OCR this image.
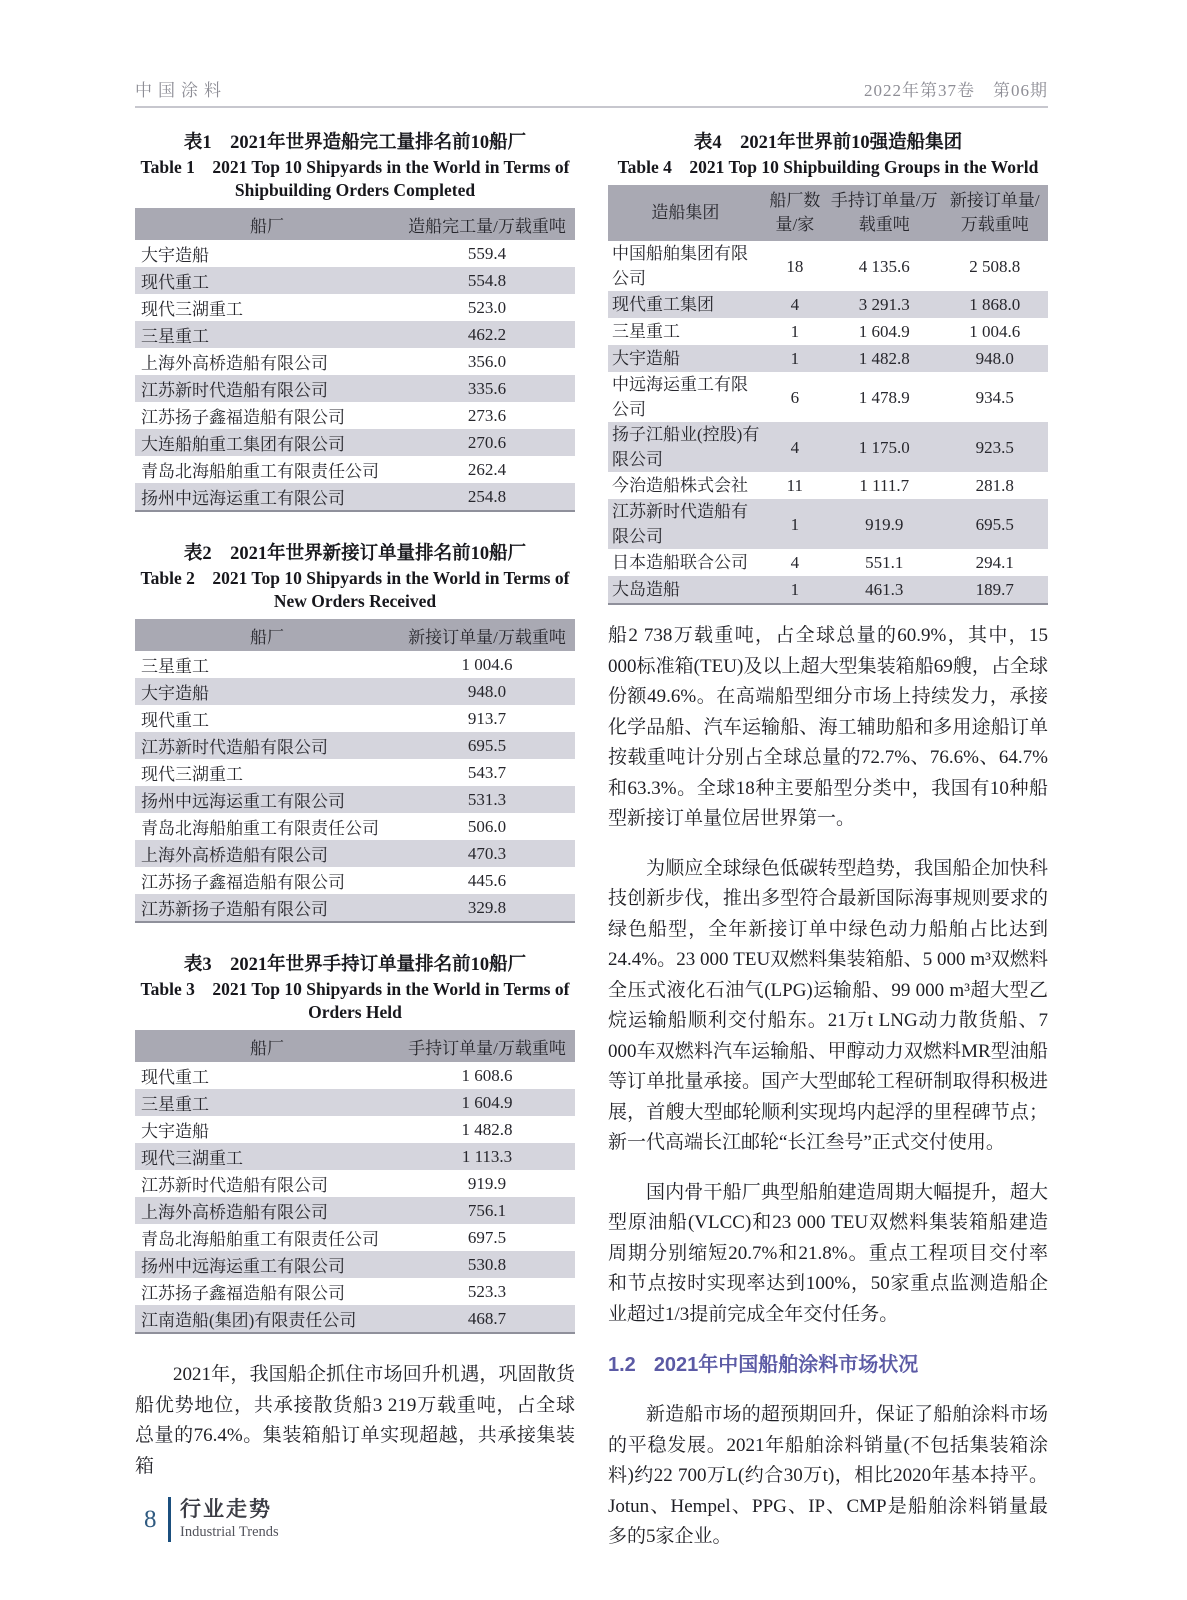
中国涂料	2022年第37卷 第06期
表1　2021年世界造船完工量排名前10船厂
Table 1  2021 Top 10 Shipyards in the World in Terms of
Shipbuilding Orders Completed
船厂	造船完工量/万载重吨
大宇造船	559.4
现代重工	554.8
现代三湖重工	523.0
三星重工	462.2
上海外高桥造船有限公司	356.0
江苏新时代造船有限公司	335.6
江苏扬子鑫福造船有限公司	273.6
大连船舶重工集团有限公司	270.6
青岛北海船舶重工有限责任公司	262.4
扬州中远海运重工有限公司	254.8
表2　2021年世界新接订单量排名前10船厂
Table 2  2021 Top 10 Shipyards in the World in Terms of
New Orders Received
船厂	新接订单量/万载重吨
三星重工	1 004.6
大宇造船	948.0
现代重工	913.7
江苏新时代造船有限公司	695.5
现代三湖重工	543.7
扬州中远海运重工有限公司	531.3
青岛北海船舶重工有限责任公司	506.0
上海外高桥造船有限公司	470.3
江苏扬子鑫福造船有限公司	445.6
江苏新扬子造船有限公司	329.8
表3　2021年世界手持订单量排名前10船厂
Table 3  2021 Top 10 Shipyards in the World in Terms of
Orders Held
船厂	手持订单量/万载重吨
现代重工	1 608.6
三星重工	1 604.9
大宇造船	1 482.8
现代三湖重工	1 113.3
江苏新时代造船有限公司	919.9
上海外高桥造船有限公司	756.1
青岛北海船舶重工有限责任公司	697.5
扬州中远海运重工有限公司	530.8
江苏扬子鑫福造船有限公司	523.3
江南造船(集团)有限责任公司	468.7

2021年，我国船企抓住市场回升机遇，巩固散货船优势地位，共承接散货船3 219万载重吨，占全球总量的76.4%。集装箱船订单实现超越，共承接集装箱

表4　2021年世界前10强造船集团
Table 4  2021 Top 10 Shipbuilding Groups in the World
造船集团	船厂数量/家	手持订单量/万载重吨	新接订单量/万载重吨
中国船舶集团有限公司	18	4 135.6	2 508.8
现代重工集团	4	3 291.3	1 868.0
三星重工	1	1 604.9	1 004.6
大宇造船	1	1 482.8	948.0
中远海运重工有限公司	6	1 478.9	934.5
扬子江船业(控股)有限公司	4	1 175.0	923.5
今治造船株式会社	11	1 111.7	281.8
江苏新时代造船有限公司	1	919.9	695.5
日本造船联合公司	4	551.1	294.1
大岛造船	1	461.3	189.7

船2 738万载重吨，占全球总量的60.9%，其中，15 000标准箱(TEU)及以上超大型集装箱船69艘，占全球份额49.6%。在高端船型细分市场上持续发力，承接化学品船、汽车运输船、海工辅助船和多用途船订单按载重吨计分别占全球总量的72.7%、76.6%、64.7%和63.3%。全球18种主要船型分类中，我国有10种船型新接订单量位居世界第一。

为顺应全球绿色低碳转型趋势，我国船企加快科技创新步伐，推出多型符合最新国际海事规则要求的绿色船型，全年新接订单中绿色动力船舶占比达到24.4%。23 000 TEU双燃料集装箱船、5 000 m³双燃料全压式液化石油气(LPG)运输船、99 000 m³超大型乙烷运输船顺利交付船东。21万t LNG动力散货船、7 000车双燃料汽车运输船、甲醇动力双燃料MR型油船等订单批量承接。国产大型邮轮工程研制取得积极进展，首艘大型邮轮顺利实现坞内起浮的里程碑节点；新一代高端长江邮轮“长江叁号”正式交付使用。

国内骨干船厂典型船舶建造周期大幅提升，超大型原油船(VLCC)和23 000 TEU双燃料集装箱船建造周期分别缩短20.7%和21.8%。重点工程项目交付率和节点按时实现率达到100%，50家重点监测造船企业超过1/3提前完成全年交付任务。

1.2 2021年中国船舶涂料市场状况

新造船市场的超预期回升，保证了船舶涂料市场的平稳发展。2021年船舶涂料销量(不包括集装箱涂料)约22 700万L(约合30万t)，相比2020年基本持平。Jotun、Hempel、PPG、IP、CMP是船舶涂料销量最多的5家企业。

8 行业走势
Industrial Trends
